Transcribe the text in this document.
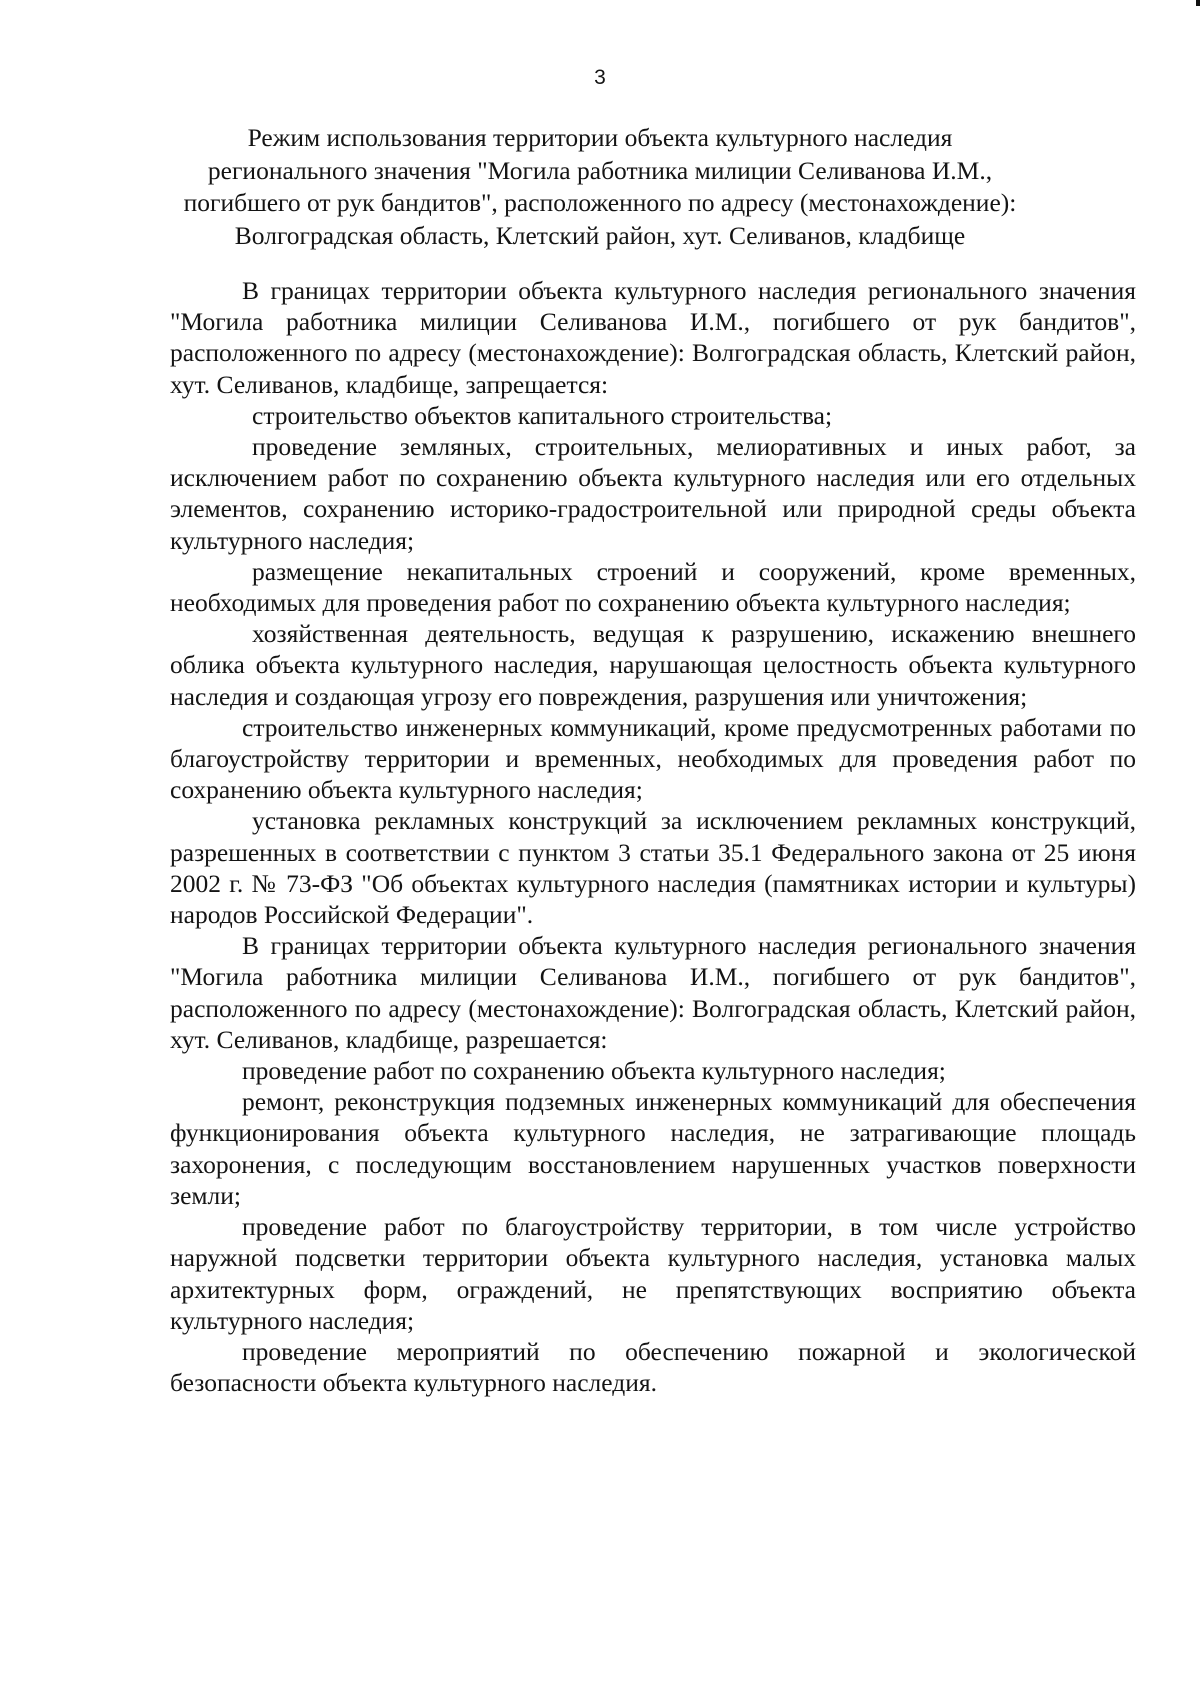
3
Режим использования территории объекта культурного наследия
регионального значения "Могила работника милиции Селиванова И.М.,
погибшего от рук бандитов", расположенного по адресу (местонахождение):
Волгоградская область, Клетский район, хут. Селиванов, кладбище

В границах территории объекта культурного наследия регионального значения "Могила работника милиции Селиванова И.М., погибшего от рук бандитов", расположенного по адресу (местонахождение): Волгоградская область, Клетский район, хут. Селиванов, кладбище, запрещается:

строительство объектов капитального строительства;

проведение земляных, строительных, мелиоративных и иных работ, за исключением работ по сохранению объекта культурного наследия или его отдельных элементов, сохранению историко-градостроительной или природной среды объекта культурного наследия;

размещение некапитальных строений и сооружений, кроме временных, необходимых для проведения работ по сохранению объекта культурного наследия;

хозяйственная деятельность, ведущая к разрушению, искажению внешнего облика объекта культурного наследия, нарушающая целостность объекта культурного наследия и создающая угрозу его повреждения, разрушения или уничтожения;

строительство инженерных коммуникаций, кроме предусмотренных работами по благоустройству территории и временных, необходимых для проведения работ по сохранению объекта культурного наследия;

установка рекламных конструкций за исключением рекламных конструкций, разрешенных в соответствии с пунктом 3 статьи 35.1 Федерального закона от 25 июня 2002 г. № 73-ФЗ "Об объектах культурного наследия (памятниках истории и культуры) народов Российской Федерации".

В границах территории объекта культурного наследия регионального значения "Могила работника милиции Селиванова И.М., погибшего от рук бандитов", расположенного по адресу (местонахождение): Волгоградская область, Клетский район, хут. Селиванов, кладбище, разрешается:

проведение работ по сохранению объекта культурного наследия;

ремонт, реконструкция подземных инженерных коммуникаций для обеспечения функционирования объекта культурного наследия, не затрагивающие площадь захоронения, с последующим восстановлением нарушенных участков поверхности земли;

проведение работ по благоустройству территории, в том числе устройство наружной подсветки территории объекта культурного наследия, установка малых архитектурных форм, ограждений, не препятствующих восприятию объекта культурного наследия;

проведение мероприятий по обеспечению пожарной и экологической безопасности объекта культурного наследия.
